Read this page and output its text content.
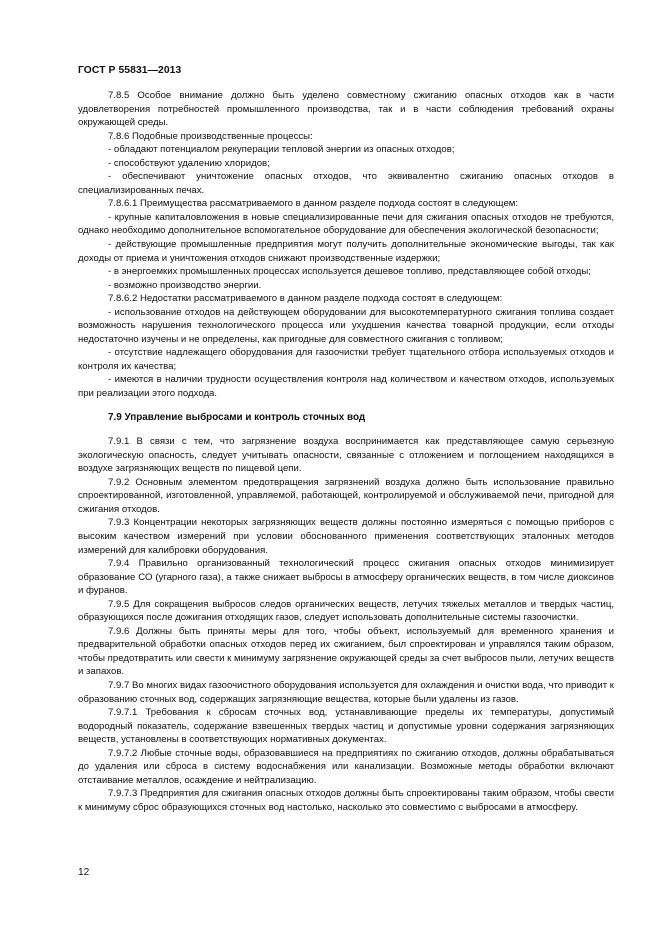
ГОСТ Р 55831—2013

7.8.5 Особое внимание должно быть уделено совместному сжиганию опасных отходов как в части удовлетворения потребностей промышленного производства, так и в части соблюдения требований охраны окружающей среды.

7.8.6 Подобные производственные процессы:

- обладают потенциалом рекуперации тепловой энергии из опасных отходов;

- способствуют удалению хлоридов;

- обеспечивают уничтожение опасных отходов, что эквивалентно сжиганию опасных отходов в специализированных печах.

7.8.6.1 Преимущества рассматриваемого в данном разделе подхода состоят в следующем:

- крупные капиталовложения в новые специализированные печи для сжигания опасных отходов не требуются, однако необходимо дополнительное вспомогательное оборудование для обеспечения экологической безопасности;

- действующие промышленные предприятия могут получить дополнительные экономические выгоды, так как доходы от приема и уничтожения отходов снижают производственные издержки;

- в энергоемких промышленных процессах используется дешевое топливо, представляющее собой отходы;

- возможно производство энергии.

7.8.6.2 Недостатки рассматриваемого в данном разделе подхода состоят в следующем:

- использование отходов на действующем оборудовании для высокотемпературного сжигания топлива создает возможность нарушения технологического процесса или ухудшения качества товарной продукции, если отходы недостаточно изучены и не определены, как пригодные для совместного сжигания с топливом;

- отсутствие надлежащего оборудования для газоочистки требует тщательного отбора используемых отходов и контроля их качества;

- имеются в наличии трудности осуществления контроля над количеством и качеством отходов, используемых при реализации этого подхода.

7.9 Управление выбросами и контроль сточных вод

7.9.1 В связи с тем, что загрязнение воздуха воспринимается как представляющее самую серьезную экологическую опасность, следует учитывать опасности, связанные с отложением и поглощением находящихся в воздухе загрязняющих веществ по пищевой цепи.

7.9.2 Основным элементом предотвращения загрязнений воздуха должно быть использование правильно спроектированной, изготовленной, управляемой, работающей, контролируемой и обслуживаемой печи, пригодной для сжигания отходов.

7.9.3 Концентрации некоторых загрязняющих веществ должны постоянно измеряться с помощью приборов с высоким качеством измерений при условии обоснованного применения соответствующих эталонных методов измерений для калибровки оборудования.

7.9.4 Правильно организованный технологический процесс сжигания опасных отходов минимизирует образование СО (угарного газа), а также снижает выбросы в атмосферу органических веществ, в том числе диоксинов и фуранов.

7.9.5 Для сокращения выбросов следов органических веществ, летучих тяжелых металлов и твердых частиц, образующихся после дожигания отходящих газов, следует использовать дополнительные системы газоочистки.

7.9.6 Должны быть приняты меры для того, чтобы объект, используемый для временного хранения и предварительной обработки опасных отходов перед их сжиганием, был спроектирован и управлялся таким образом, чтобы предотвратить или свести к минимуму загрязнение окружающей среды за счет выбросов пыли, летучих веществ и запахов.

7.9.7 Во многих видах газоочистного оборудования используется для охлаждения и очистки вода, что приводит к образованию сточных вод, содержащих загрязняющие вещества, которые были удалены из газов.

7.9.7.1 Требования к сбросам сточных вод, устанавливающие пределы их температуры, допустимый водородный показатель, содержание взвешенных твердых частиц и допустимые уровни содержания загрязняющих веществ, установлены в соответствующих нормативных документах.

7.9.7.2 Любые сточные воды, образовавшиеся на предприятиях по сжиганию отходов, должны обрабатываться до удаления или сброса в систему водоснабжения или канализации. Возможные методы обработки включают отстаивание металлов, осаждение и нейтрализацию.

7.9.7.3 Предприятия для сжигания опасных отходов должны быть спроектированы таким образом, чтобы свести к минимуму сброс образующихся сточных вод настолько, насколько это совместимо с выбросами в атмосферу.

12
